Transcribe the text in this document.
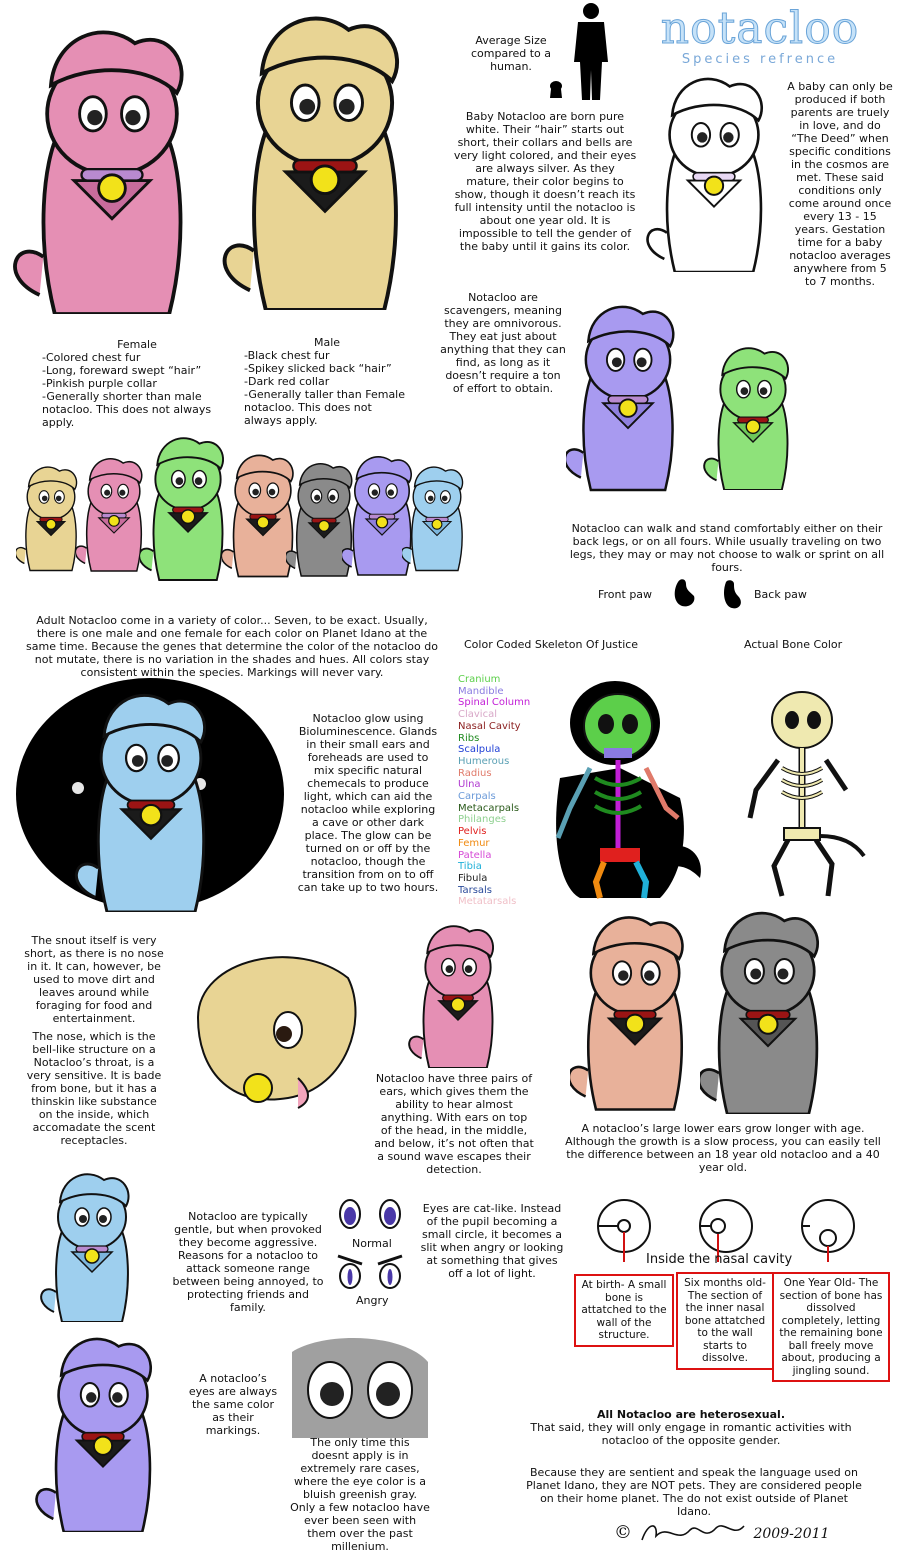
notacloo
Species refrence
Average Size compared to a human.
Baby Notacloo are born pure white. Their “hair” starts out short, their collars and bells are very light colored, and their eyes are always silver. As they mature, their color begins to show, though it doesn’t reach its full intensity until the notacloo is about one year old. It is impossible to tell the gender of the baby until it gains its color.
A baby can only be produced if both parents are truely in love, and do “The Deed” when specific conditions in the cosmos are met. These said conditions only come around once every 13 - 15 years. Gestation time for a baby notacloo averages anywhere from 5 to 7 months.
Female
-Colored chest fur
-Long, foreward swept “hair”
-Pinkish purple collar
-Generally shorter than male notacloo. This does not always apply.
Male
-Black chest fur
-Spikey slicked back “hair”
-Dark red collar
-Generally taller than Female notacloo. This does not always apply.
Notacloo are scavengers, meaning they are omnivorous. They eat just about anything that they can find, as long as it doesn’t require a ton of effort to obtain.
Notacloo can walk and stand comfortably either on their back legs, or on all fours. While usually traveling on two legs, they may or may not choose to walk or sprint on all fours.
Front paw	Back paw
Adult Notacloo come in a variety of color... Seven, to be exact. Usually, there is one male and one female for each color on Planet Idano at the same time. Because the genes that determine the color of the notacloo do not mutate, there is no variation in the shades and hues. All colors stay consistent within the species. Markings will never vary.
Color Coded Skeleton Of Justice	Actual Bone Color
Cranium
Mandible
Spinal Column
Clavical
Nasal Cavity
Ribs
Scalpula
Humerous
Radius
Ulna
Carpals
Metacarpals
Philanges
Pelvis
Femur
Patella
Tibia
Fibula
Tarsals
Metatarsals
Notacloo glow using Bioluminescence. Glands in their small ears and foreheads are used to mix specific natural chemecals to produce light, which can aid the notacloo while exploring a cave or other dark place. The glow can be turned on or off by the notacloo, though the transition from on to off can take up to two hours.
The snout itself is very short, as there is no nose in it. It can, however, be used to move dirt and leaves around while foraging for food and entertainment.
The nose, which is the bell-like structure on a Notacloo’s throat, is a very sensitive. It is bade from bone, but it has a thinskin like substance on the inside, which accomadate the scent receptacles.
Notacloo have three pairs of ears, which gives them the ability to hear almost anything. With ears on top of the head, in the middle, and below, it’s not often that a sound wave escapes their detection.
A notacloo’s large lower ears grow longer with age. Although the growth is a slow process, you can easily tell the difference between an 18 year old notacloo and a 40 year old.
Notacloo are typically gentle, but when provoked they become aggressive. Reasons for a notacloo to attack someone range between being annoyed, to protecting friends and family.
Normal
Angry
Eyes are cat-like. Instead of the pupil becoming a small circle, it becomes a slit when angry or looking at something that gives off a lot of light.
Inside the nasal cavity
At birth- A small bone is attatched to the wall of the structure.
Six months old- The section of the inner nasal bone attatched to the wall starts to dissolve.
One Year Old- The section of bone has dissolved completely, letting the remaining bone ball freely move about, producing a jingling sound.
A notacloo’s eyes are always the same color as their markings.
The only time this doesnt apply is in extremely rare cases, where the eye color is a bluish greenish gray. Only a few notacloo have ever been seen with them over the past millenium.
All Notacloo are heterosexual.
That said, they will only engage in romantic activities with notacloo of the opposite gender.
Because they are sentient and speak the language used on Planet Idano, they are NOT pets. They are considered people on their home planet. The do not exist outside of Planet Idano.
©	2009-2011
